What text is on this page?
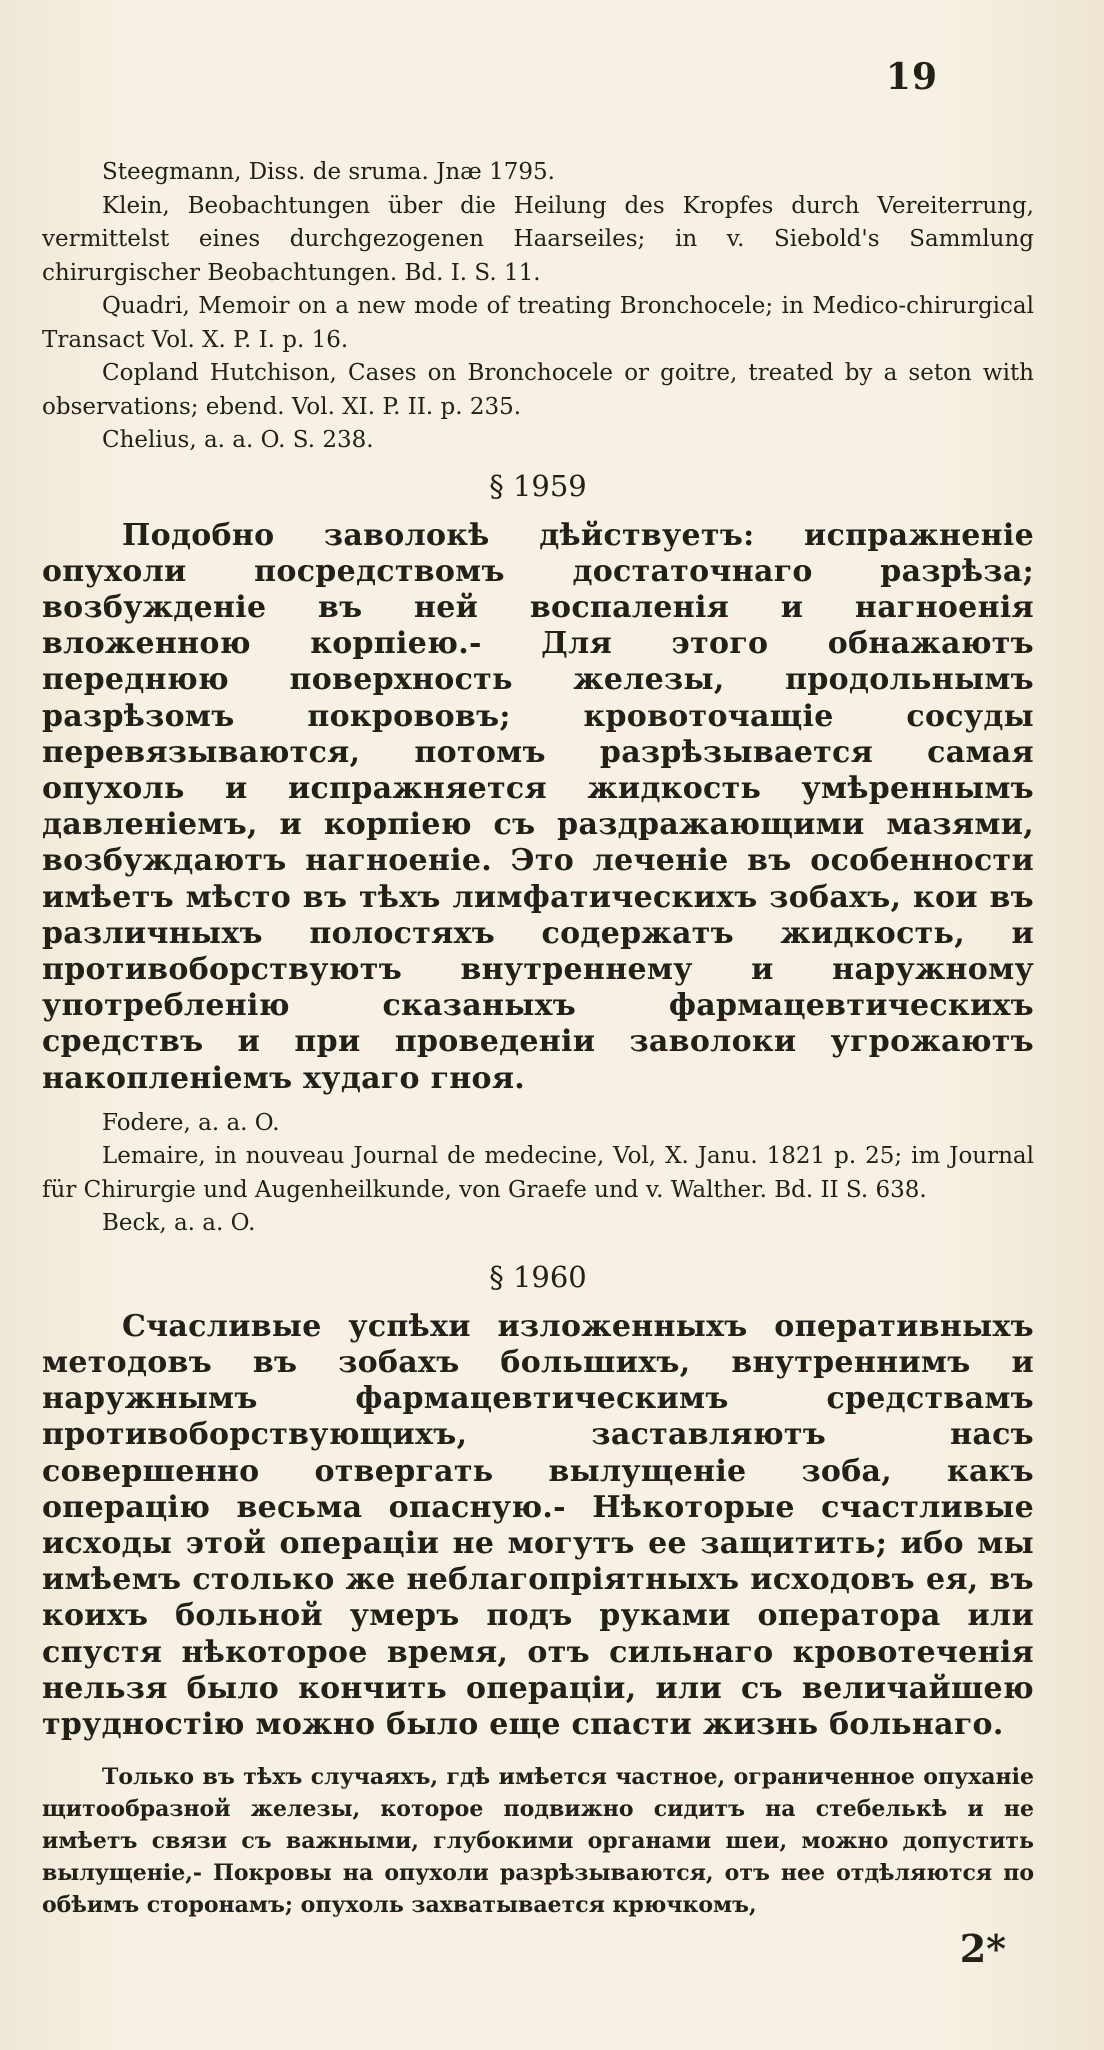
19

Steegmann, Diss. de sruma. Jnæ 1795.

Klein, Beobachtungen über die Heilung des Kropfes durch Vereiterrung, vermittelst eines durchgezogenen Haarseiles; in v. Siebold's Sammlung chirurgischer Beobachtungen. Bd. I. S. 11.

Quadri, Memoir on a new mode of treating Bronchocele; in Medico-chirurgical Transact Vol. X. P. I. p. 16.

Copland Hutchison, Cases on Bronchocele or goitre, treated by a seton with observations; ebend. Vol. XI. P. II. p. 235.

Chelius, a. a. O. S. 238.

§ 1959

Подобно заволокѣ дѣйствуетъ: испражненіе опухоли посредствомъ достаточнаго разрѣза; возбужденіе въ ней воспаленія и нагноенія вложенною корпіею.- Для этого обнажаютъ переднюю поверхность железы, продольнымъ разрѣзомъ покрововъ; кровоточащіе сосуды перевязываются, потомъ разрѣзывается самая опухоль и испражняется жидкость умѣреннымъ давленіемъ, и корпіею съ раздражающими мазями, возбуждаютъ нагноеніе. Это леченіе въ особенности имѣетъ мѣсто въ тѣхъ лимфатическихъ зобахъ, кои въ различныхъ полостяхъ содержатъ жидкость, и противоборствуютъ внутреннему и наружному употребленію сказаныхъ фармацевтическихъ средствъ и при проведеніи заволоки угрожаютъ накопленіемъ худаго гноя.

Fodere, a. a. O.

Lemaire, in nouveau Journal de medecine, Vol, X. Janu. 1821 p. 25; im Journal für Chirurgie und Augenheilkunde, von Graefe und v. Walther. Bd. II S. 638.

Beck, a. a. O.

§ 1960

Счасливые успѣхи изложенныхъ оперативныхъ методовъ въ зобахъ большихъ, внутреннимъ и наружнымъ фармацевтическимъ средствамъ противоборствующихъ, заставляютъ насъ совершенно отвергать вылущеніе зоба, какъ операцію весьма опасную.- Нѣкоторые счастливые исходы этой операціи не могутъ ее защитить; ибо мы имѣемъ столько же неблагопріятныхъ исходовъ ея, въ коихъ больной умеръ подъ руками оператора или спустя нѣкоторое время, отъ сильнаго кровотеченія нельзя было кончить операціи, или съ величайшею трудностію можно было еще спасти жизнь больнаго.

Только въ тѣхъ случаяхъ, гдѣ имѣется частное, ограниченное опуханіе щитообразной железы, которое подвижно сидитъ на стебелькѣ и не имѣетъ связи съ важными, глубокими органами шеи, можно допустить вылущеніе,- Покровы на опухоли разрѣзываются, отъ нее отдѣляются по обѣимъ сторонамъ; опухоль захватывается крючкомъ,

2*
